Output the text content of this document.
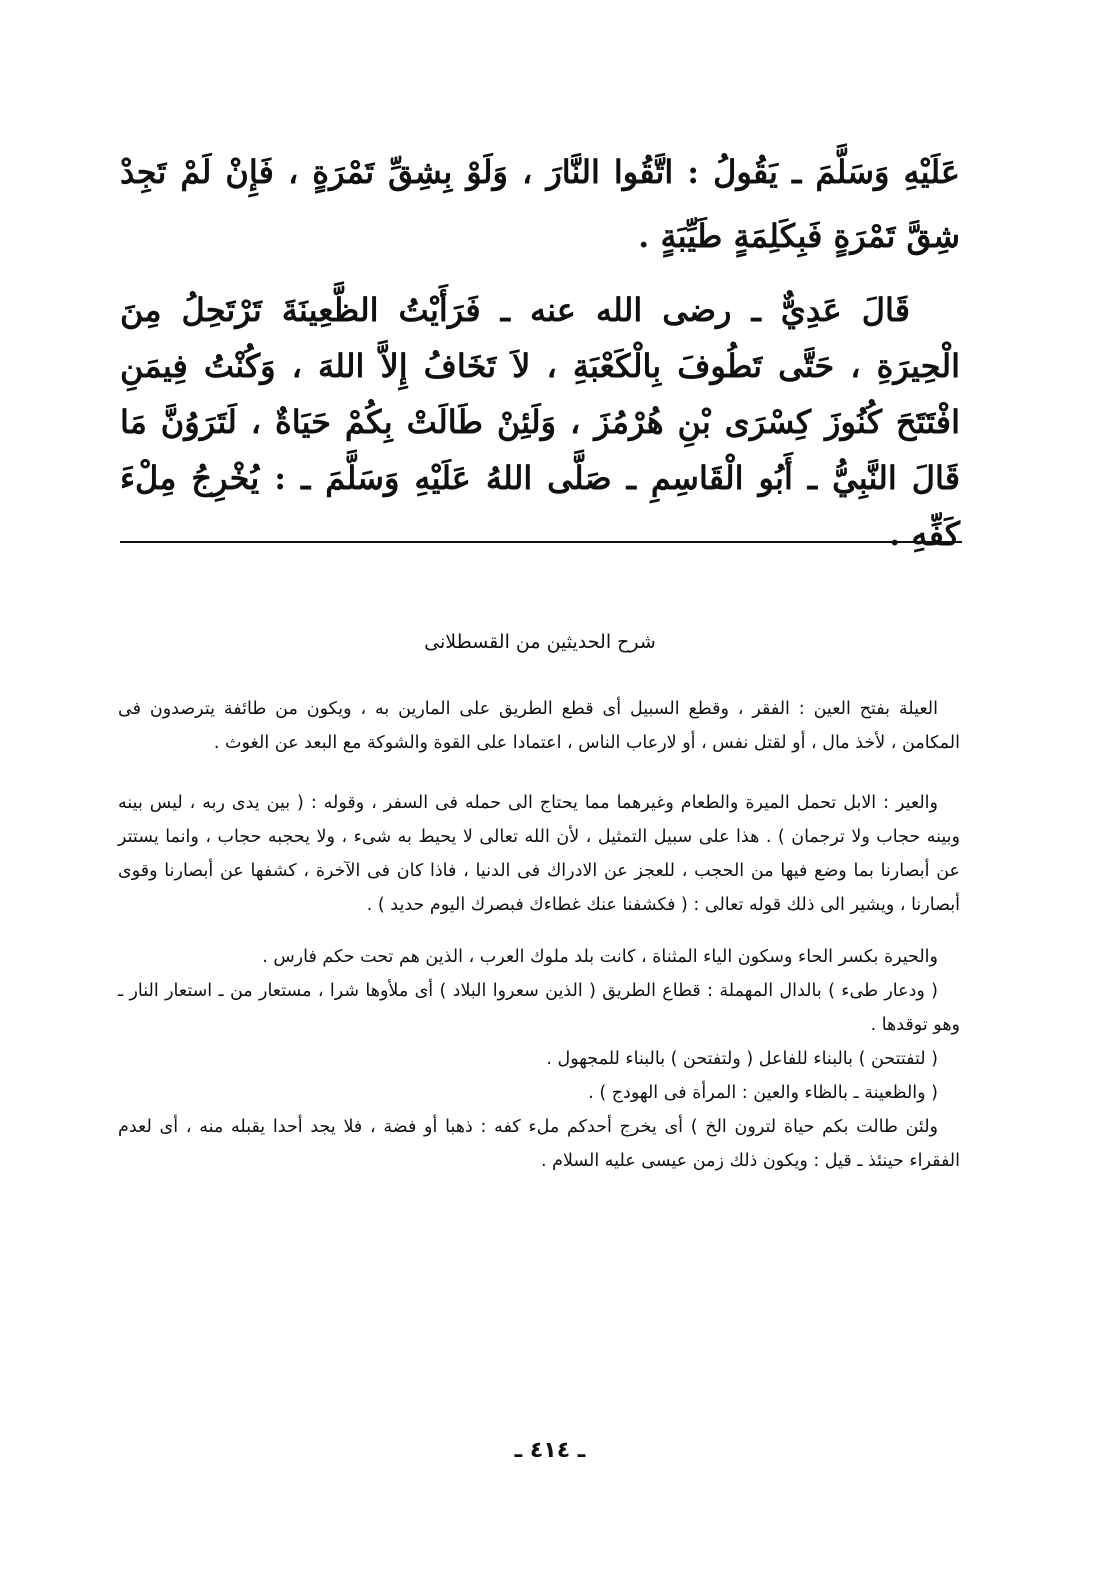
عَلَيْهِ وَسَلَّمَ ـ يَقُولُ : اتَّقُوا النَّارَ ، وَلَوْ بِشِقِّ تَمْرَةٍ ، فَإِنْ لَمْ تَجِدْ شِقَّ تَمْرَةٍ فَبِكَلِمَةٍ طَيِّبَةٍ .

قَالَ عَدِيٌّ ـ رضى الله عنه ـ فَرَأَيْتُ الظَّعِينَةَ تَرْتَحِلُ مِنَ الْحِيرَةِ ، حَتَّى تَطُوفَ بِالْكَعْبَةِ ، لاَ تَخَافُ إِلاَّ اللهَ ، وَكُنْتُ فِيمَنِ افْتَتَحَ كُنُوزَ كِسْرَى بْنِ هُرْمُزَ ، وَلَئِنْ طَالَتْ بِكُمْ حَيَاةٌ ، لَتَرَوُنَّ مَا قَالَ النَّبِيُّ ـ أَبُو الْقَاسِمِ ـ صَلَّى اللهُ عَلَيْهِ وَسَلَّمَ ـ : يُخْرِجُ مِلْءَ كَفِّهِ .

شرح الحديثين من القسطلانى

العيلة بفتح العين : الفقر ، وقطع السبيل أى قطع الطريق على المارين به ، ويكون من طائفة يترصدون فى المكامن ، لأخذ مال ، أو لقتل نفس ، أو لارعاب الناس ، اعتمادا على القوة والشوكة مع البعد عن الغوث .

والعير : الابل تحمل الميرة والطعام وغيرهما مما يحتاج الى حمله فى السفر ، وقوله : ( بين يدى ربه ، ليس بينه وبينه حجاب ولا ترجمان ) . هذا على سبيل التمثيل ، لأن الله تعالى لا يحيط به شىء ، ولا يحجبه حجاب ، وانما يستتر عن أبصارنا بما وضع فيها من الحجب ، للعجز عن الادراك فى الدنيا ، فاذا كان فى الآخرة ، كشفها عن أبصارنا وقوى أبصارنا ، ويشير الى ذلك قوله تعالى : ( فكشفنا عنك غطاءك فبصرك اليوم حديد ) .

والحيرة بكسر الحاء وسكون الياء المثناة ، كانت بلد ملوك العرب ، الذين هم تحت حكم فارس .

( ودعار طىء ) بالدال المهملة : قطاع الطريق ( الذين سعروا البلاد ) أى ملأوها شرا ، مستعار من ـ استعار النار ـ وهو توقدها .

( لتفتتحن ) بالبناء للفاعل ( ولتفتحن ) بالبناء للمجهول .

( والظعينة ـ بالظاء والعين : المرأة فى الهودج ) .

ولئن طالت بكم حياة لترون الخ ) أى يخرج أحدكم ملء كفه : ذهبا أو فضة ، فلا يجد أحدا يقبله منه ، أى لعدم الفقراء حينئذ ـ قيل : ويكون ذلك زمن عيسى عليه السلام .

ـ ٤١٤ ـ
